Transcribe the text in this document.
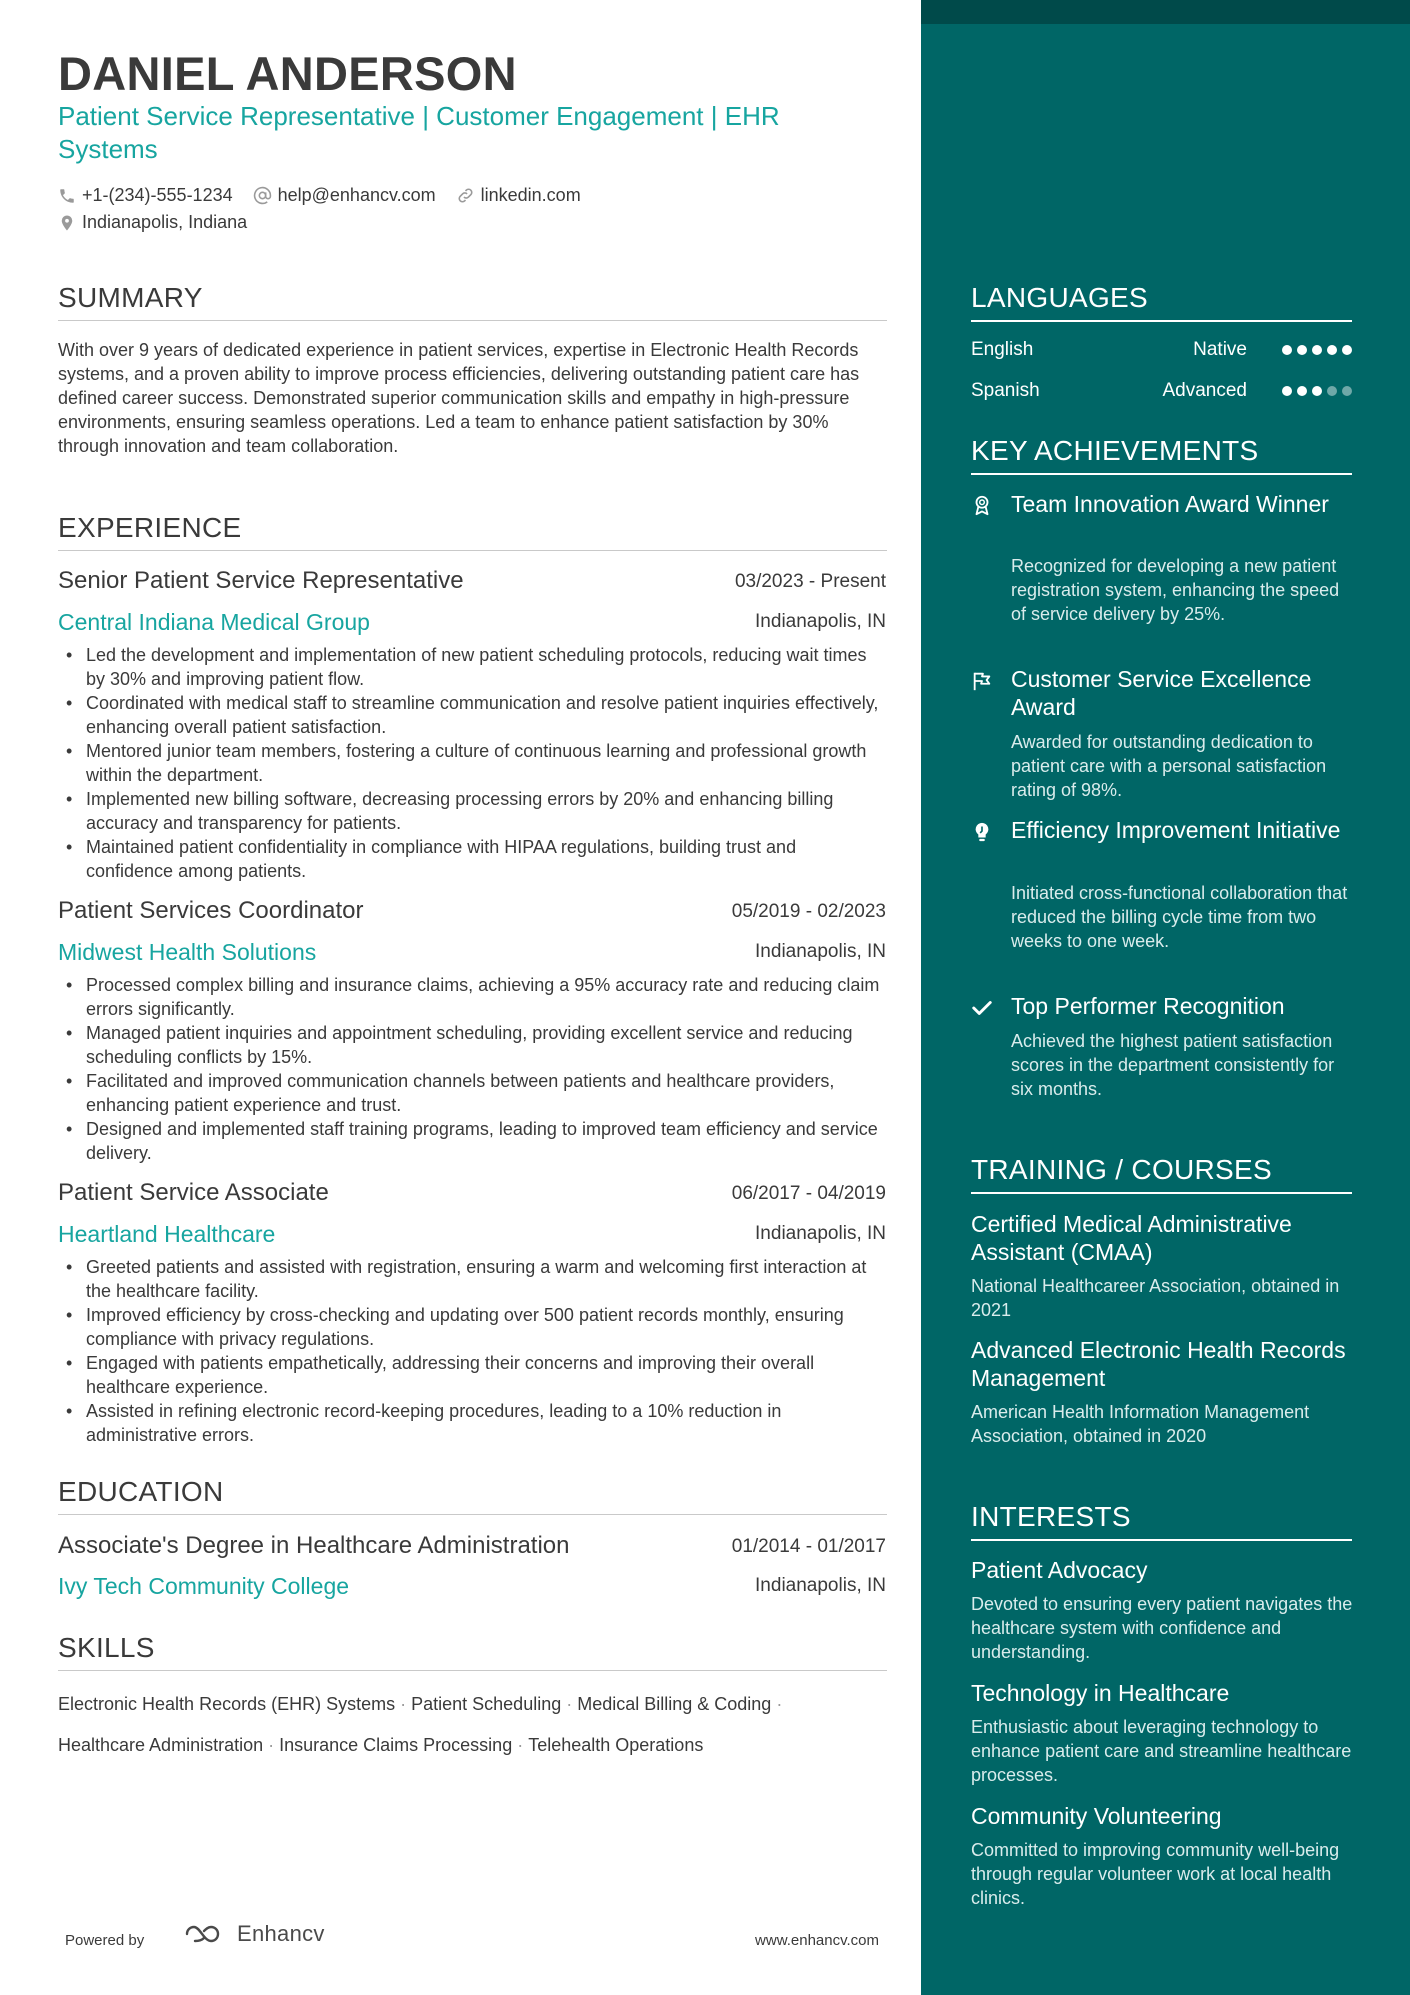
DANIEL ANDERSON
Patient Service Representative | Customer Engagement | EHR Systems
+1-(234)-555-1234	help@enhancv.com	linkedin.com
Indianapolis, Indiana
SUMMARY
With over 9 years of dedicated experience in patient services, expertise in Electronic Health Records systems, and a proven ability to improve process efficiencies, delivering outstanding patient care has defined career success. Demonstrated superior communication skills and empathy in high-pressure environments, ensuring seamless operations. Led a team to enhance patient satisfaction by 30% through innovation and team collaboration.
EXPERIENCE
Senior Patient Service Representative	03/2023 - Present
Central Indiana Medical Group	Indianapolis, IN
• Led the development and implementation of new patient scheduling protocols, reducing wait times by 30% and improving patient flow.
• Coordinated with medical staff to streamline communication and resolve patient inquiries effectively, enhancing overall patient satisfaction.
• Mentored junior team members, fostering a culture of continuous learning and professional growth within the department.
• Implemented new billing software, decreasing processing errors by 20% and enhancing billing accuracy and transparency for patients.
• Maintained patient confidentiality in compliance with HIPAA regulations, building trust and confidence among patients.
Patient Services Coordinator	05/2019 - 02/2023
Midwest Health Solutions	Indianapolis, IN
• Processed complex billing and insurance claims, achieving a 95% accuracy rate and reducing claim errors significantly.
• Managed patient inquiries and appointment scheduling, providing excellent service and reducing scheduling conflicts by 15%.
• Facilitated and improved communication channels between patients and healthcare providers, enhancing patient experience and trust.
• Designed and implemented staff training programs, leading to improved team efficiency and service delivery.
Patient Service Associate	06/2017 - 04/2019
Heartland Healthcare	Indianapolis, IN
• Greeted patients and assisted with registration, ensuring a warm and welcoming first interaction at the healthcare facility.
• Improved efficiency by cross-checking and updating over 500 patient records monthly, ensuring compliance with privacy regulations.
• Engaged with patients empathetically, addressing their concerns and improving their overall healthcare experience.
• Assisted in refining electronic record-keeping procedures, leading to a 10% reduction in administrative errors.
EDUCATION
Associate's Degree in Healthcare Administration	01/2014 - 01/2017
Ivy Tech Community College	Indianapolis, IN
SKILLS
Electronic Health Records (EHR) Systems · Patient Scheduling · Medical Billing & Coding ·
Healthcare Administration · Insurance Claims Processing · Telehealth Operations
Powered by	Enhancv	www.enhancv.com
LANGUAGES
English	Native
Spanish	Advanced
KEY ACHIEVEMENTS
Team Innovation Award Winner
Recognized for developing a new patient registration system, enhancing the speed of service delivery by 25%.
Customer Service Excellence Award
Awarded for outstanding dedication to patient care with a personal satisfaction rating of 98%.
Efficiency Improvement Initiative
Initiated cross-functional collaboration that reduced the billing cycle time from two weeks to one week.
Top Performer Recognition
Achieved the highest patient satisfaction scores in the department consistently for six months.
TRAINING / COURSES
Certified Medical Administrative Assistant (CMAA)
National Healthcareer Association, obtained in 2021
Advanced Electronic Health Records Management
American Health Information Management Association, obtained in 2020
INTERESTS
Patient Advocacy
Devoted to ensuring every patient navigates the healthcare system with confidence and understanding.
Technology in Healthcare
Enthusiastic about leveraging technology to enhance patient care and streamline healthcare processes.
Community Volunteering
Committed to improving community well-being through regular volunteer work at local health clinics.
